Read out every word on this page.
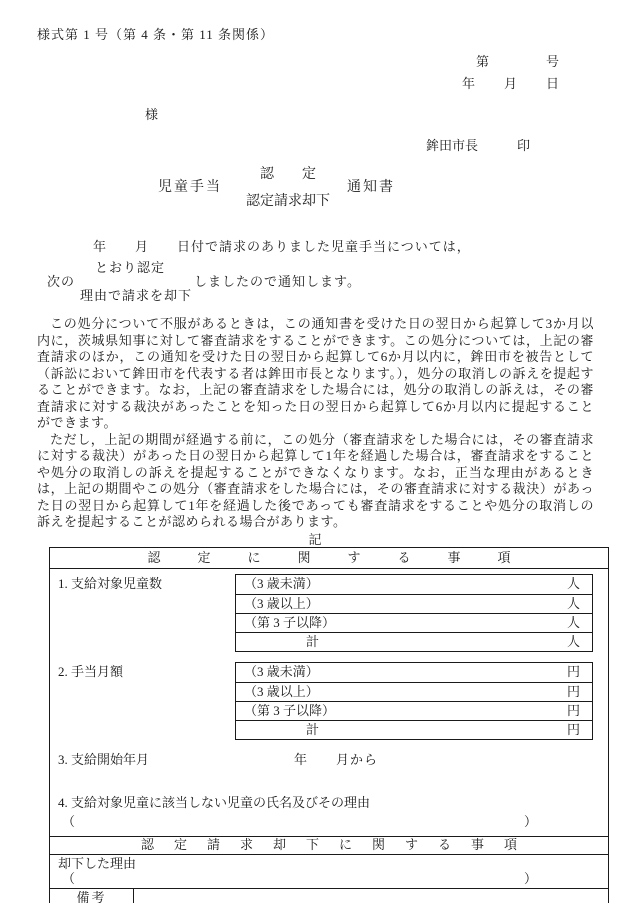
様式第 1 号（第 4 条・第 11 条関係）
第　　　　号
年　　月　　日
様
鉾田市長	印
児童手当
認　　定
認定請求却下
通知書
年　　月　　日付で請求のありました児童手当については，
次の
とおり認定
理由で請求を却下
しましたので通知します。

この処分について不服があるときは，この通知書を受けた日の翌日から起算して3か月以内に，茨城県知事に対して審査請求をすることができます。この処分については，上記の審査請求のほか，この通知を受けた日の翌日から起算して6か月以内に，鉾田市を被告として（訴訟において鉾田市を代表する者は鉾田市長となります。），処分の取消しの訴えを提起することができます。なお，上記の審査請求をした場合には，処分の取消しの訴えは，その審査請求に対する裁決があったことを知った日の翌日から起算して6か月以内に提起することができます。

ただし，上記の期間が経過する前に，この処分（審査請求をした場合には，その審査請求に対する裁決）があった日の翌日から起算して1年を経過した場合は，審査請求をすることや処分の取消しの訴えを提起することができなくなります。なお，正当な理由があるときは，上記の期間やこの処分（審査請求をした場合には，その審査請求に対する裁決）があった日の翌日から起算して1年を経過した後であっても審査請求をすることや処分の取消しの訴えを提起することが認められる場合があります。

記
認定に関する事項
1. 支給対象児童数	（3 歳未満）	人
（3 歳以上）	人
（第 3 子以降）	人
計	人
2. 手当月額	（3 歳未満）	円
（3 歳以上）	円
（第 3 子以降）	円
計	円
3. 支給開始年月	年　　月から
4. 支給対象児童に該当しない児童の氏名及びその理由
（	）
認定請求却下に関する事項
却下した理由
（	）
備考
